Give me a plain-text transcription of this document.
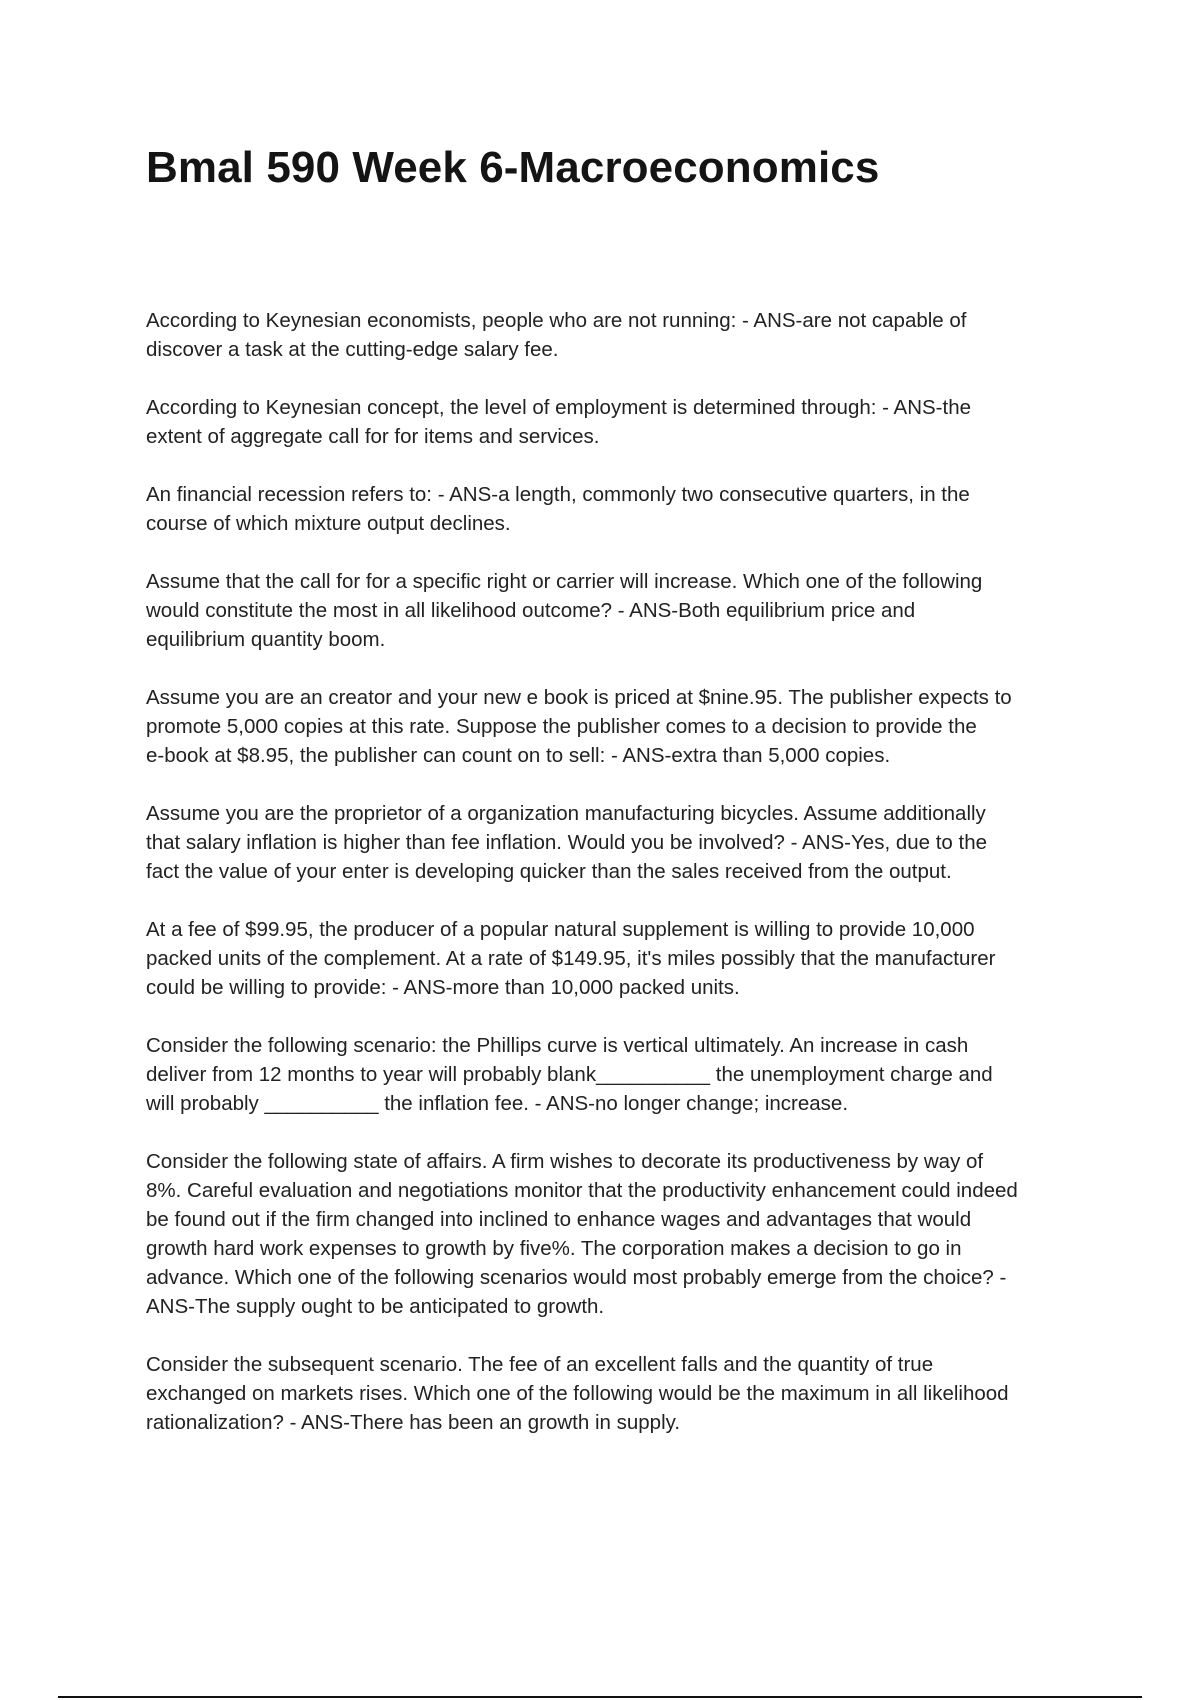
Bmal 590 Week 6-Macroeconomics

According to Keynesian economists, people who are not running: - ANS-are not capable of
discover a task at the cutting-edge salary fee.

According to Keynesian concept, the level of employment is determined through: - ANS-the
extent of aggregate call for for items and services.

An financial recession refers to: - ANS-a length, commonly two consecutive quarters, in the
course of which mixture output declines.

Assume that the call for for a specific right or carrier will increase. Which one of the following
would constitute the most in all likelihood outcome? - ANS-Both equilibrium price and
equilibrium quantity boom.

Assume you are an creator and your new e book is priced at $nine.95. The publisher expects to
promote 5,000 copies at this rate. Suppose the publisher comes to a decision to provide the
e-book at $8.95, the publisher can count on to sell: - ANS-extra than 5,000 copies.

Assume you are the proprietor of a organization manufacturing bicycles. Assume additionally
that salary inflation is higher than fee inflation. Would you be involved? - ANS-Yes, due to the
fact the value of your enter is developing quicker than the sales received from the output.

At a fee of $99.95, the producer of a popular natural supplement is willing to provide 10,000
packed units of the complement. At a rate of $149.95, it's miles possibly that the manufacturer
could be willing to provide: - ANS-more than 10,000 packed units.

Consider the following scenario: the Phillips curve is vertical ultimately. An increase in cash
deliver from 12 months to year will probably blank__________ the unemployment charge and
will probably __________ the inflation fee. - ANS-no longer change; increase.

Consider the following state of affairs. A firm wishes to decorate its productiveness by way of
8%. Careful evaluation and negotiations monitor that the productivity enhancement could indeed
be found out if the firm changed into inclined to enhance wages and advantages that would
growth hard work expenses to growth by five%. The corporation makes a decision to go in
advance. Which one of the following scenarios would most probably emerge from the choice? -
ANS-The supply ought to be anticipated to growth.

Consider the subsequent scenario. The fee of an excellent falls and the quantity of true
exchanged on markets rises. Which one of the following would be the maximum in all likelihood
rationalization? - ANS-There has been an growth in supply.
